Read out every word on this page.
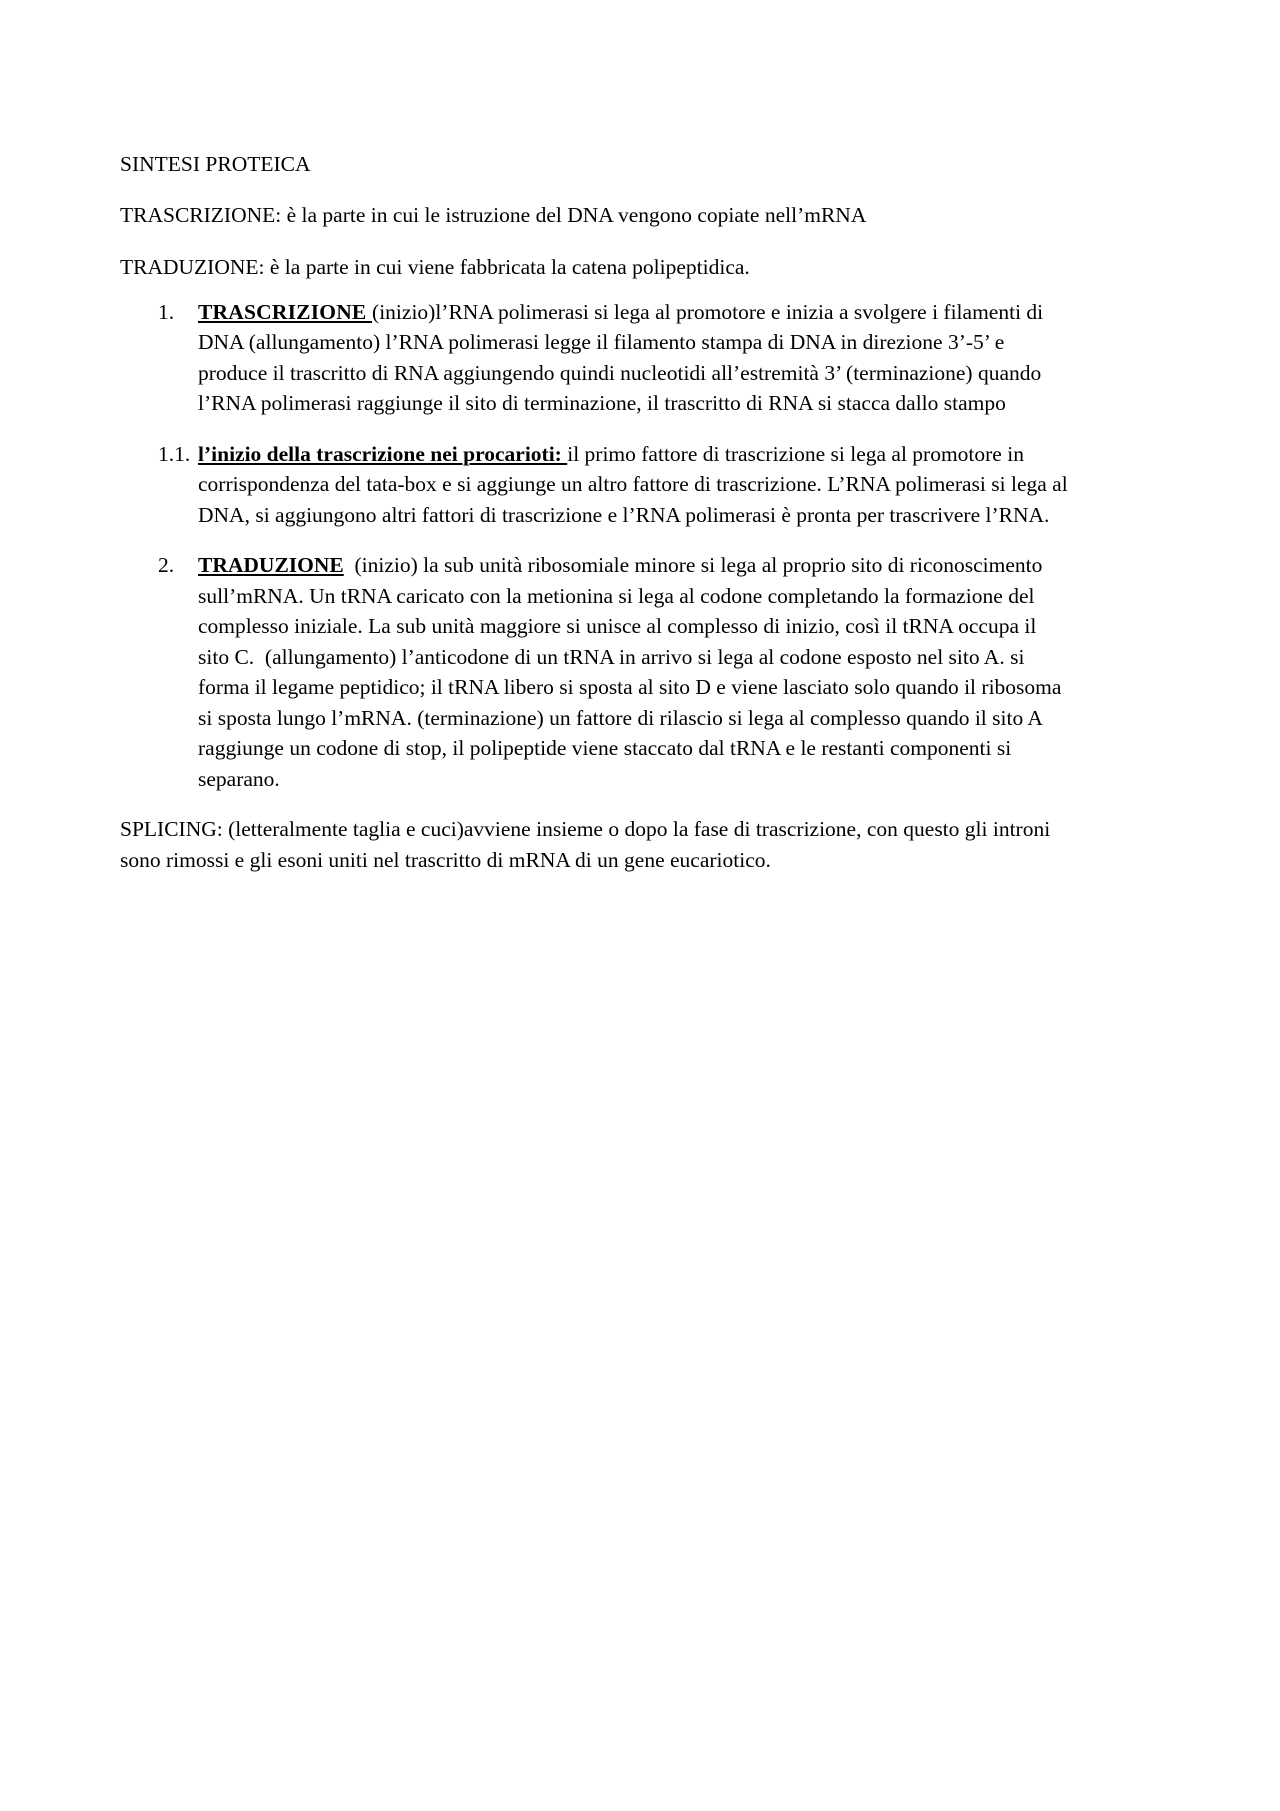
SINTESI PROTEICA

TRASCRIZIONE: è la parte in cui le istruzione del DNA vengono copiate nell’mRNA

TRADUZIONE: è la parte in cui viene fabbricata la catena polipeptidica.

1. TRASCRIZIONE (inizio)l’RNA polimerasi si lega al promotore e inizia a svolgere i filamenti di
DNA (allungamento) l’RNA polimerasi legge il filamento stampa di DNA in direzione 3’-5’ e
produce il trascritto di RNA aggiungendo quindi nucleotidi all’estremità 3’ (terminazione) quando
l’RNA polimerasi raggiunge il sito di terminazione, il trascritto di RNA si stacca dallo stampo
1.1. l’inizio della trascrizione nei procarioti: il primo fattore di trascrizione si lega al promotore in
corrispondenza del tata-box e si aggiunge un altro fattore di trascrizione. L’RNA polimerasi si lega al
DNA, si aggiungono altri fattori di trascrizione e l’RNA polimerasi è pronta per trascrivere l’RNA.
2. TRADUZIONE  (inizio) la sub unità ribosomiale minore si lega al proprio sito di riconoscimento
sull’mRNA. Un tRNA caricato con la metionina si lega al codone completando la formazione del
complesso iniziale. La sub unità maggiore si unisce al complesso di inizio, così il tRNA occupa il
sito C.  (allungamento) l’anticodone di un tRNA in arrivo si lega al codone esposto nel sito A. si
forma il legame peptidico; il tRNA libero si sposta al sito D e viene lasciato solo quando il ribosoma
si sposta lungo l’mRNA. (terminazione) un fattore di rilascio si lega al complesso quando il sito A
raggiunge un codone di stop, il polipeptide viene staccato dal tRNA e le restanti componenti si
separano.

SPLICING: (letteralmente taglia e cuci)avviene insieme o dopo la fase di trascrizione, con questo gli introni
sono rimossi e gli esoni uniti nel trascritto di mRNA di un gene eucariotico.
